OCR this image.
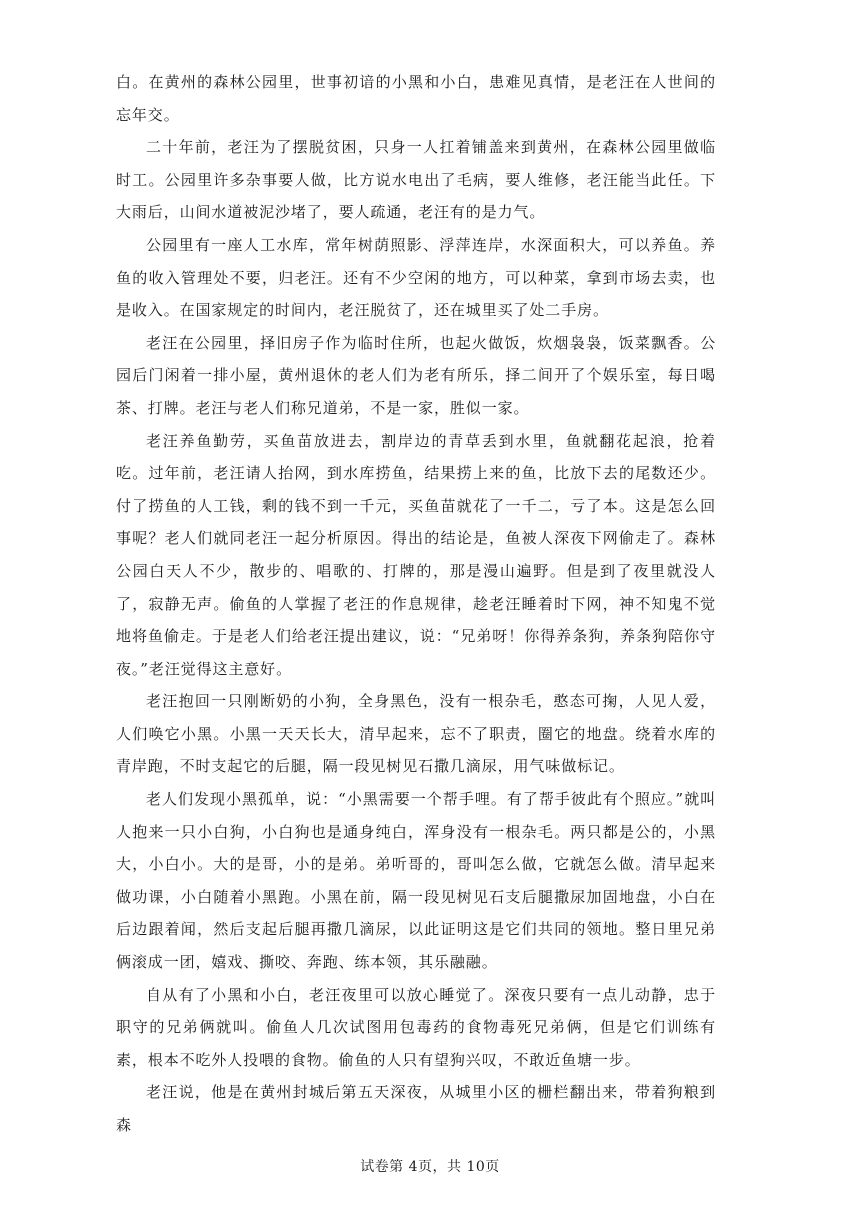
白。在黄州的森林公园里，世事初谙的小黑和小白，患难见真情，是老汪在人世间的忘年交。

二十年前，老汪为了摆脱贫困，只身一人扛着铺盖来到黄州，在森林公园里做临时工。公园里许多杂事要人做，比方说水电出了毛病，要人维修，老汪能当此任。下大雨后，山间水道被泥沙堵了，要人疏通，老汪有的是力气。

公园里有一座人工水库，常年树荫照影、浮萍连岸，水深面积大，可以养鱼。养鱼的收入管理处不要，归老汪。还有不少空闲的地方，可以种菜，拿到市场去卖，也是收入。在国家规定的时间内，老汪脱贫了，还在城里买了处二手房。

老汪在公园里，择旧房子作为临时住所，也起火做饭，炊烟袅袅，饭菜飘香。公园后门闲着一排小屋，黄州退休的老人们为老有所乐，择二间开了个娱乐室，每日喝茶、打牌。老汪与老人们称兄道弟，不是一家，胜似一家。

老汪养鱼勤劳，买鱼苗放进去，割岸边的青草丢到水里，鱼就翻花起浪，抢着吃。过年前，老汪请人抬网，到水库捞鱼，结果捞上来的鱼，比放下去的尾数还少。付了捞鱼的人工钱，剩的钱不到一千元，买鱼苗就花了一千二，亏了本。这是怎么回事呢？老人们就同老汪一起分析原因。得出的结论是，鱼被人深夜下网偷走了。森林公园白天人不少，散步的、唱歌的、打牌的，那是漫山遍野。但是到了夜里就没人了，寂静无声。偷鱼的人掌握了老汪的作息规律，趁老汪睡着时下网，神不知鬼不觉地将鱼偷走。于是老人们给老汪提出建议，说：“兄弟呀！你得养条狗，养条狗陪你守夜。”老汪觉得这主意好。

老汪抱回一只刚断奶的小狗，全身黑色，没有一根杂毛，憨态可掬，人见人爱，人们唤它小黑。小黑一天天长大，清早起来，忘不了职责，圈它的地盘。绕着水库的青岸跑，不时支起它的后腿，隔一段见树见石撒几滴尿，用气味做标记。

老人们发现小黑孤单，说：“小黑需要一个帮手哩。有了帮手彼此有个照应。”就叫人抱来一只小白狗，小白狗也是通身纯白，浑身没有一根杂毛。两只都是公的，小黑大，小白小。大的是哥，小的是弟。弟听哥的，哥叫怎么做，它就怎么做。清早起来做功课，小白随着小黑跑。小黑在前，隔一段见树见石支后腿撒尿加固地盘，小白在后边跟着闻，然后支起后腿再撒几滴尿，以此证明这是它们共同的领地。整日里兄弟俩滚成一团，嬉戏、撕咬、奔跑、练本领，其乐融融。

自从有了小黑和小白，老汪夜里可以放心睡觉了。深夜只要有一点儿动静，忠于职守的兄弟俩就叫。偷鱼人几次试图用包毒药的食物毒死兄弟俩，但是它们训练有素，根本不吃外人投喂的食物。偷鱼的人只有望狗兴叹，不敢近鱼塘一步。

老汪说，他是在黄州封城后第五天深夜，从城里小区的栅栏翻出来，带着狗粮到森

试卷第 4页，共 10页
